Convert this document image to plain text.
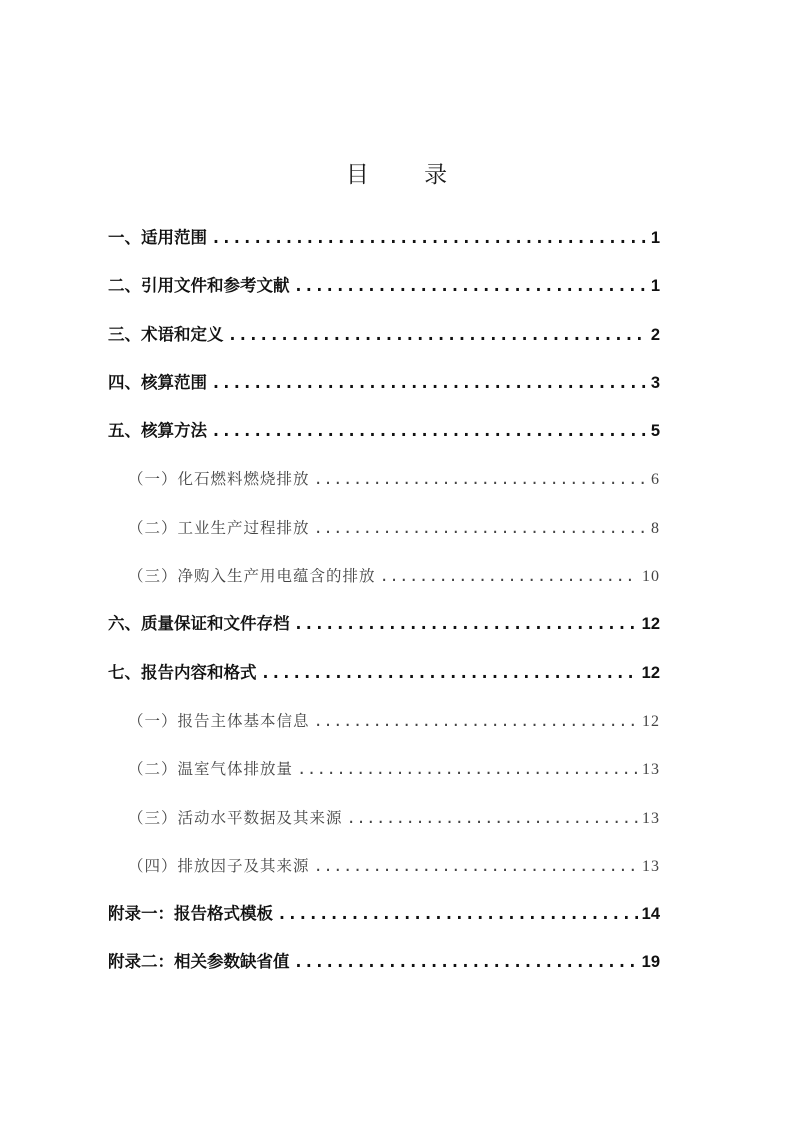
目 录
一、适用范围 .....	1
二、引用文件和参考文献 .....	1
三、术语和定义 .....	2
四、核算范围 .....	3
五、核算方法 .....	5
（一）化石燃料燃烧排放 .....	6
（二）工业生产过程排放 .....	8
（三）净购入生产用电蕴含的排放 .....	10
六、质量保证和文件存档 .....	12
七、报告内容和格式 .....	12
（一）报告主体基本信息 .....	12
（二）温室气体排放量 .....	13
（三）活动水平数据及其来源 .....	13
（四）排放因子及其来源 .....	13
附录一：报告格式模板 .....	14
附录二：相关参数缺省值 .....	19
